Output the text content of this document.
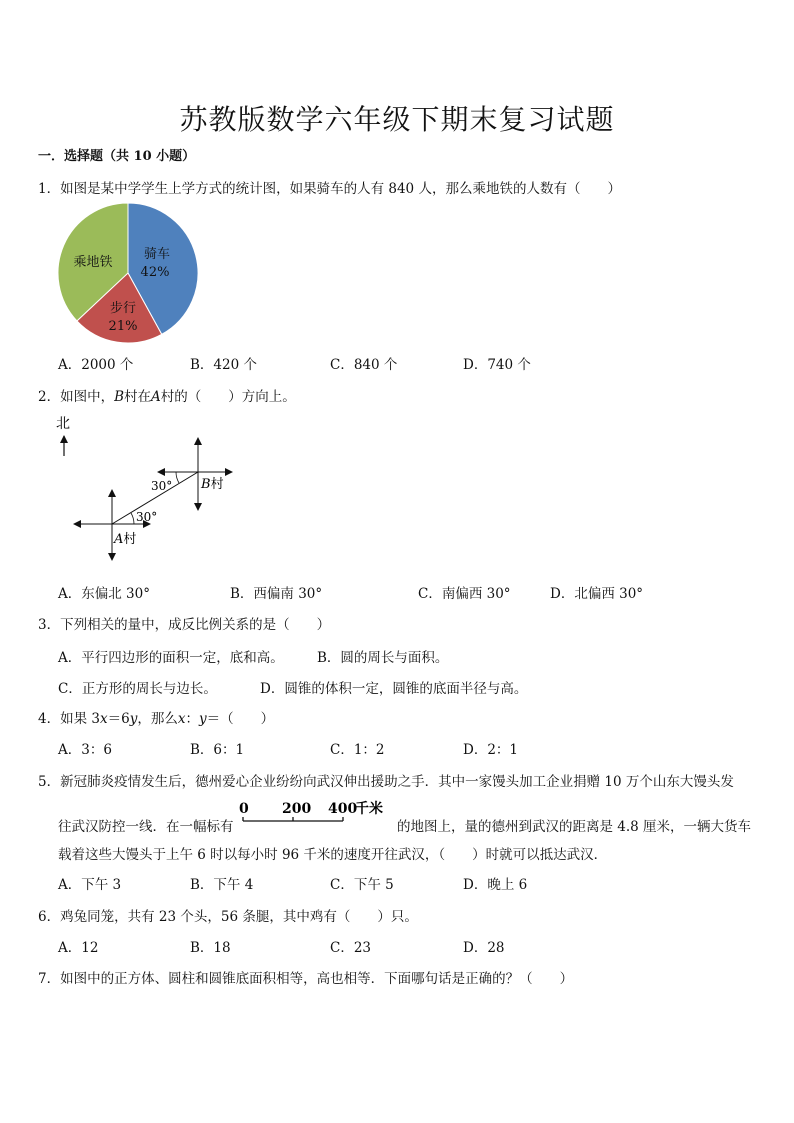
苏教版数学六年级下期末复习试题
一．选择题（共 10 小题）
1．如图是某中学学生上学方式的统计图，如果骑车的人有 840 人，那么乘地铁的人数有（　　）
骑车
42%
步行
21%
乘地铁
A．2000 个	B．420 个	C．840 个	D．740 个
2．如图中，B村在A村的（　　）方向上。
北
30°
30°
B村
A村
A．东偏北 30°	B．西偏南 30°	C．南偏西 30°	D．北偏西 30°
3．下列相关的量中，成反比例关系的是（　　）
A．平行四边形的面积一定，底和高。 B．圆的周长与面积。
C．正方形的周长与边长。	D．圆锥的体积一定，圆锥的底面半径与高。
4．如果 3x＝6y，那么x：y＝（　　）
A．3：6	B．6：1	C．1：2	D．2：1
5．新冠肺炎疫情发生后，德州爱心企业纷纷向武汉伸出援助之手．其中一家馒头加工企业捐赠 10 万个山东大馒头发
往武汉防控一线．在一幅标有
0 200 400
千米
的地图上，量的德州到武汉的距离是 4.8 厘米，一辆大货车
载着这些大馒头于上午 6 时以每小时 96 千米的速度开往武汉，（　　）时就可以抵达武汉．
A．下午 3	B．下午 4	C．下午 5	D．晚上 6
6．鸡兔同笼，共有 23 个头，56 条腿，其中鸡有（　　）只。
A．12	B．18	C．23	D．28
7．如图中的正方体、圆柱和圆锥底面积相等，高也相等．下面哪句话是正确的？（　　）
